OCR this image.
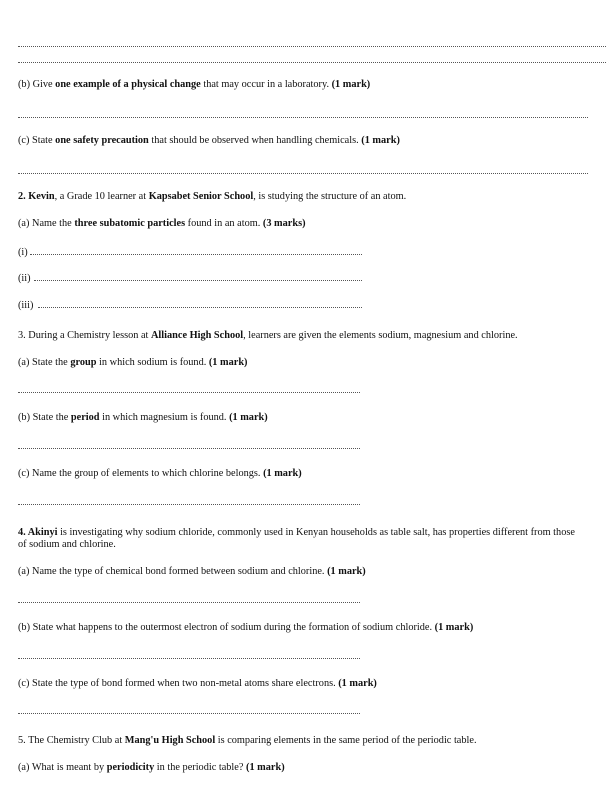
(b) Give one example of a physical change that may occur in a laboratory. (1 mark)
(c) State one safety precaution that should be observed when handling chemicals. (1 mark)
2. Kevin, a Grade 10 learner at Kapsabet Senior School, is studying the structure of an atom.
(a) Name the three subatomic particles found in an atom. (3 marks)
(i)
(ii)
(iii)
3. During a Chemistry lesson at Alliance High School, learners are given the elements sodium, magnesium and chlorine.
(a) State the group in which sodium is found. (1 mark)
(b) State the period in which magnesium is found. (1 mark)
(c) Name the group of elements to which chlorine belongs. (1 mark)
4. Akinyi is investigating why sodium chloride, commonly used in Kenyan households as table salt, has properties different from those of sodium and chlorine.
(a) Name the type of chemical bond formed between sodium and chlorine. (1 mark)
(b) State what happens to the outermost electron of sodium during the formation of sodium chloride. (1 mark)
(c) State the type of bond formed when two non-metal atoms share electrons. (1 mark)
5. The Chemistry Club at Mang'u High School is comparing elements in the same period of the periodic table.
(a) What is meant by periodicity in the periodic table? (1 mark)
